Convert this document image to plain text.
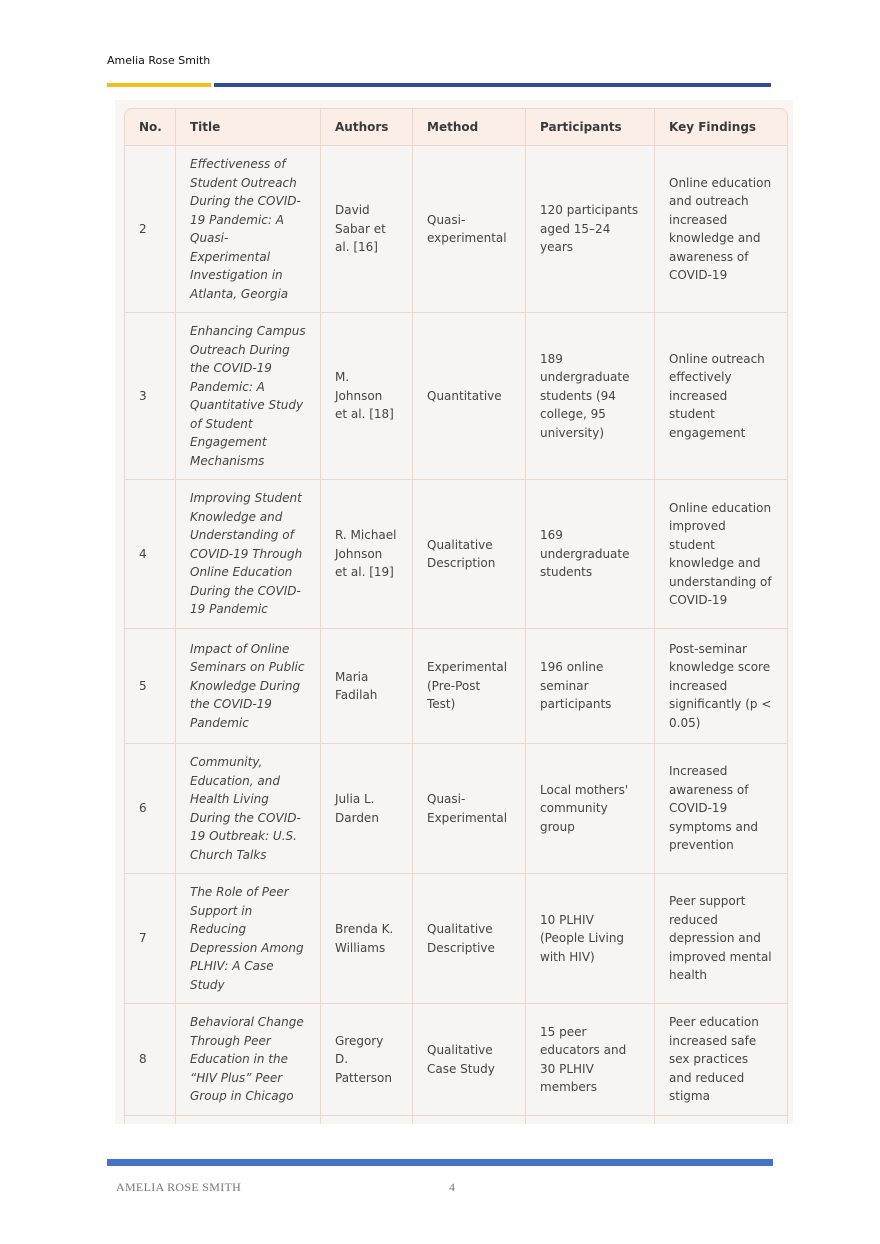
Amelia Rose Smith
No.	Title	Authors	Method	Participants	Key Findings
2	Effectiveness of Student Outreach During the COVID-19 Pandemic: A Quasi-Experimental Investigation in Atlanta, Georgia	David Sabar et al. [16]	Quasi-experimental	120 participants aged 15–24 years	Online education and outreach increased knowledge and awareness of COVID-19
3	Enhancing Campus Outreach During the COVID-19 Pandemic: A Quantitative Study of Student Engagement Mechanisms	M. Johnson et al. [18]	Quantitative	189 undergraduate students (94 college, 95 university)	Online outreach effectively increased student engagement
4	Improving Student Knowledge and Understanding of COVID-19 Through Online Education During the COVID-19 Pandemic	R. Michael Johnson et al. [19]	Qualitative Description	169 undergraduate students	Online education improved student knowledge and understanding of COVID-19
5	Impact of Online Seminars on Public Knowledge During the COVID-19 Pandemic	Maria Fadilah	Experimental (Pre-Post Test)	196 online seminar participants	Post-seminar knowledge score increased significantly (p < 0.05)
6	Community, Education, and Health Living During the COVID-19 Outbreak: U.S. Church Talks	Julia L. Darden	Quasi-Experimental	Local mothers' community group	Increased awareness of COVID-19 symptoms and prevention
7	The Role of Peer Support in Reducing Depression Among PLHIV: A Case Study	Brenda K. Williams	Qualitative Descriptive	10 PLHIV (People Living with HIV)	Peer support reduced depression and improved mental health
8	Behavioral Change Through Peer Education in the “HIV Plus” Peer Group in Chicago	Gregory D. Patterson	Qualitative Case Study	15 peer educators and 30 PLHIV members	Peer education increased safe sex practices and reduced stigma

AMELIA ROSE SMITH	4
